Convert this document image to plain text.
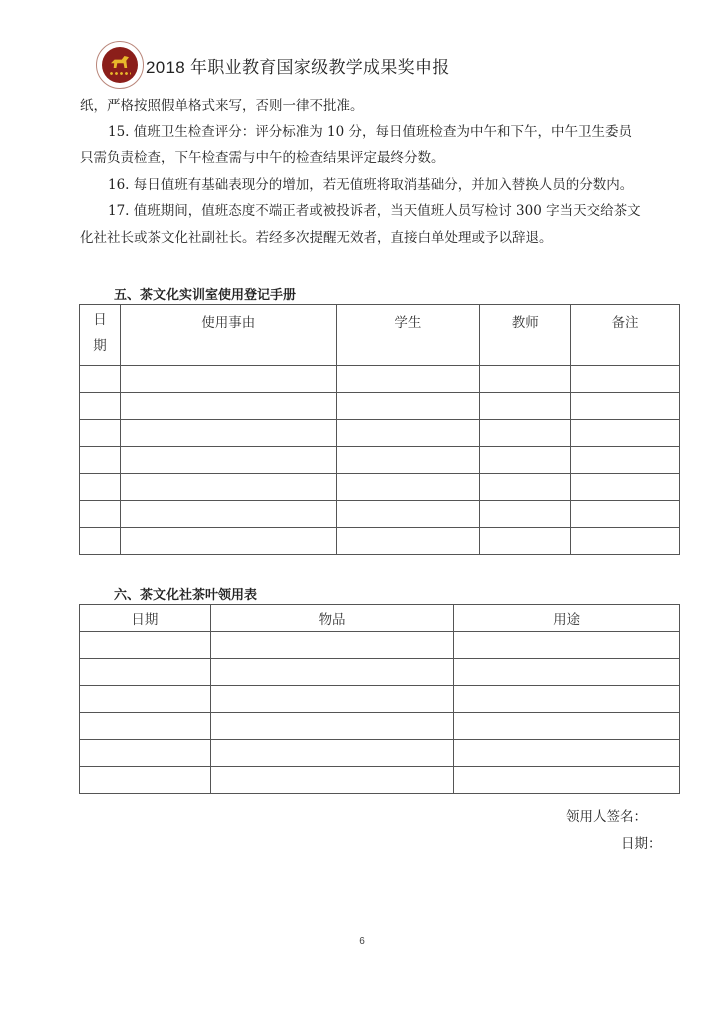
2018 年职业教育国家级教学成果奖申报
纸，严格按照假单格式来写，否则一律不批准。
15. 值班卫生检查评分：评分标准为 10 分，每日值班检查为中午和下午，中午卫生委员
只需负责检查，下午检查需与中午的检查结果评定最终分数。
16. 每日值班有基础表现分的增加，若无值班将取消基础分，并加入替换人员的分数内。
17. 值班期间，值班态度不端正者或被投诉者，当天值班人员写检讨 300 字当天交给茶文
化社社长或茶文化社副社长。若经多次提醒无效者，直接白单处理或予以辞退。
五、茶文化实训室使用登记手册
日
期	使用事由	学生	教师	备注

六、茶文化社茶叶领用表
日期	物品	用途

领用人签名：
日期：
6
